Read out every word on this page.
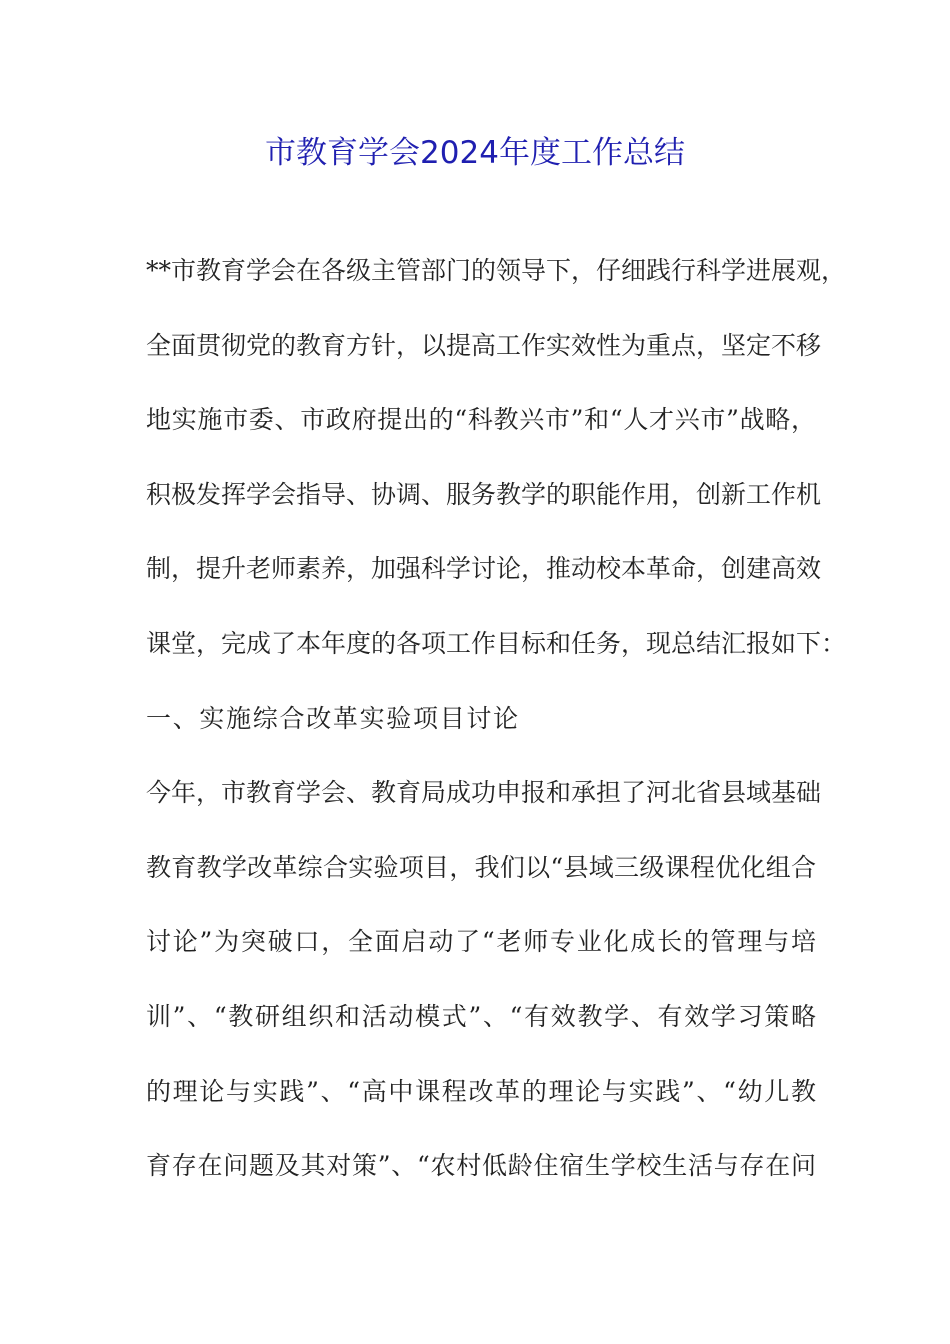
市教育学会2024年度工作总结
**市教育学会在各级主管部门的领导下，仔细践行科学进展观，
全面贯彻党的教育方针，以提高工作实效性为重点，坚定不移
地实施市委、市政府提出的“科教兴市”和“人才兴市”战略，
积极发挥学会指导、协调、服务教学的职能作用，创新工作机
制，提升老师素养，加强科学讨论，推动校本革命，创建高效
课堂，完成了本年度的各项工作目标和任务，现总结汇报如下：
一、实施综合改革实验项目讨论
今年，市教育学会、教育局成功申报和承担了河北省县域基础
教育教学改革综合实验项目，我们以“县域三级课程优化组合
讨论”为突破口，全面启动了“老师专业化成长的管理与培
训”、“教研组织和活动模式”、“有效教学、有效学习策略
的理论与实践”、“高中课程改革的理论与实践”、“幼儿教
育存在问题及其对策”、“农村低龄住宿生学校生活与存在问
